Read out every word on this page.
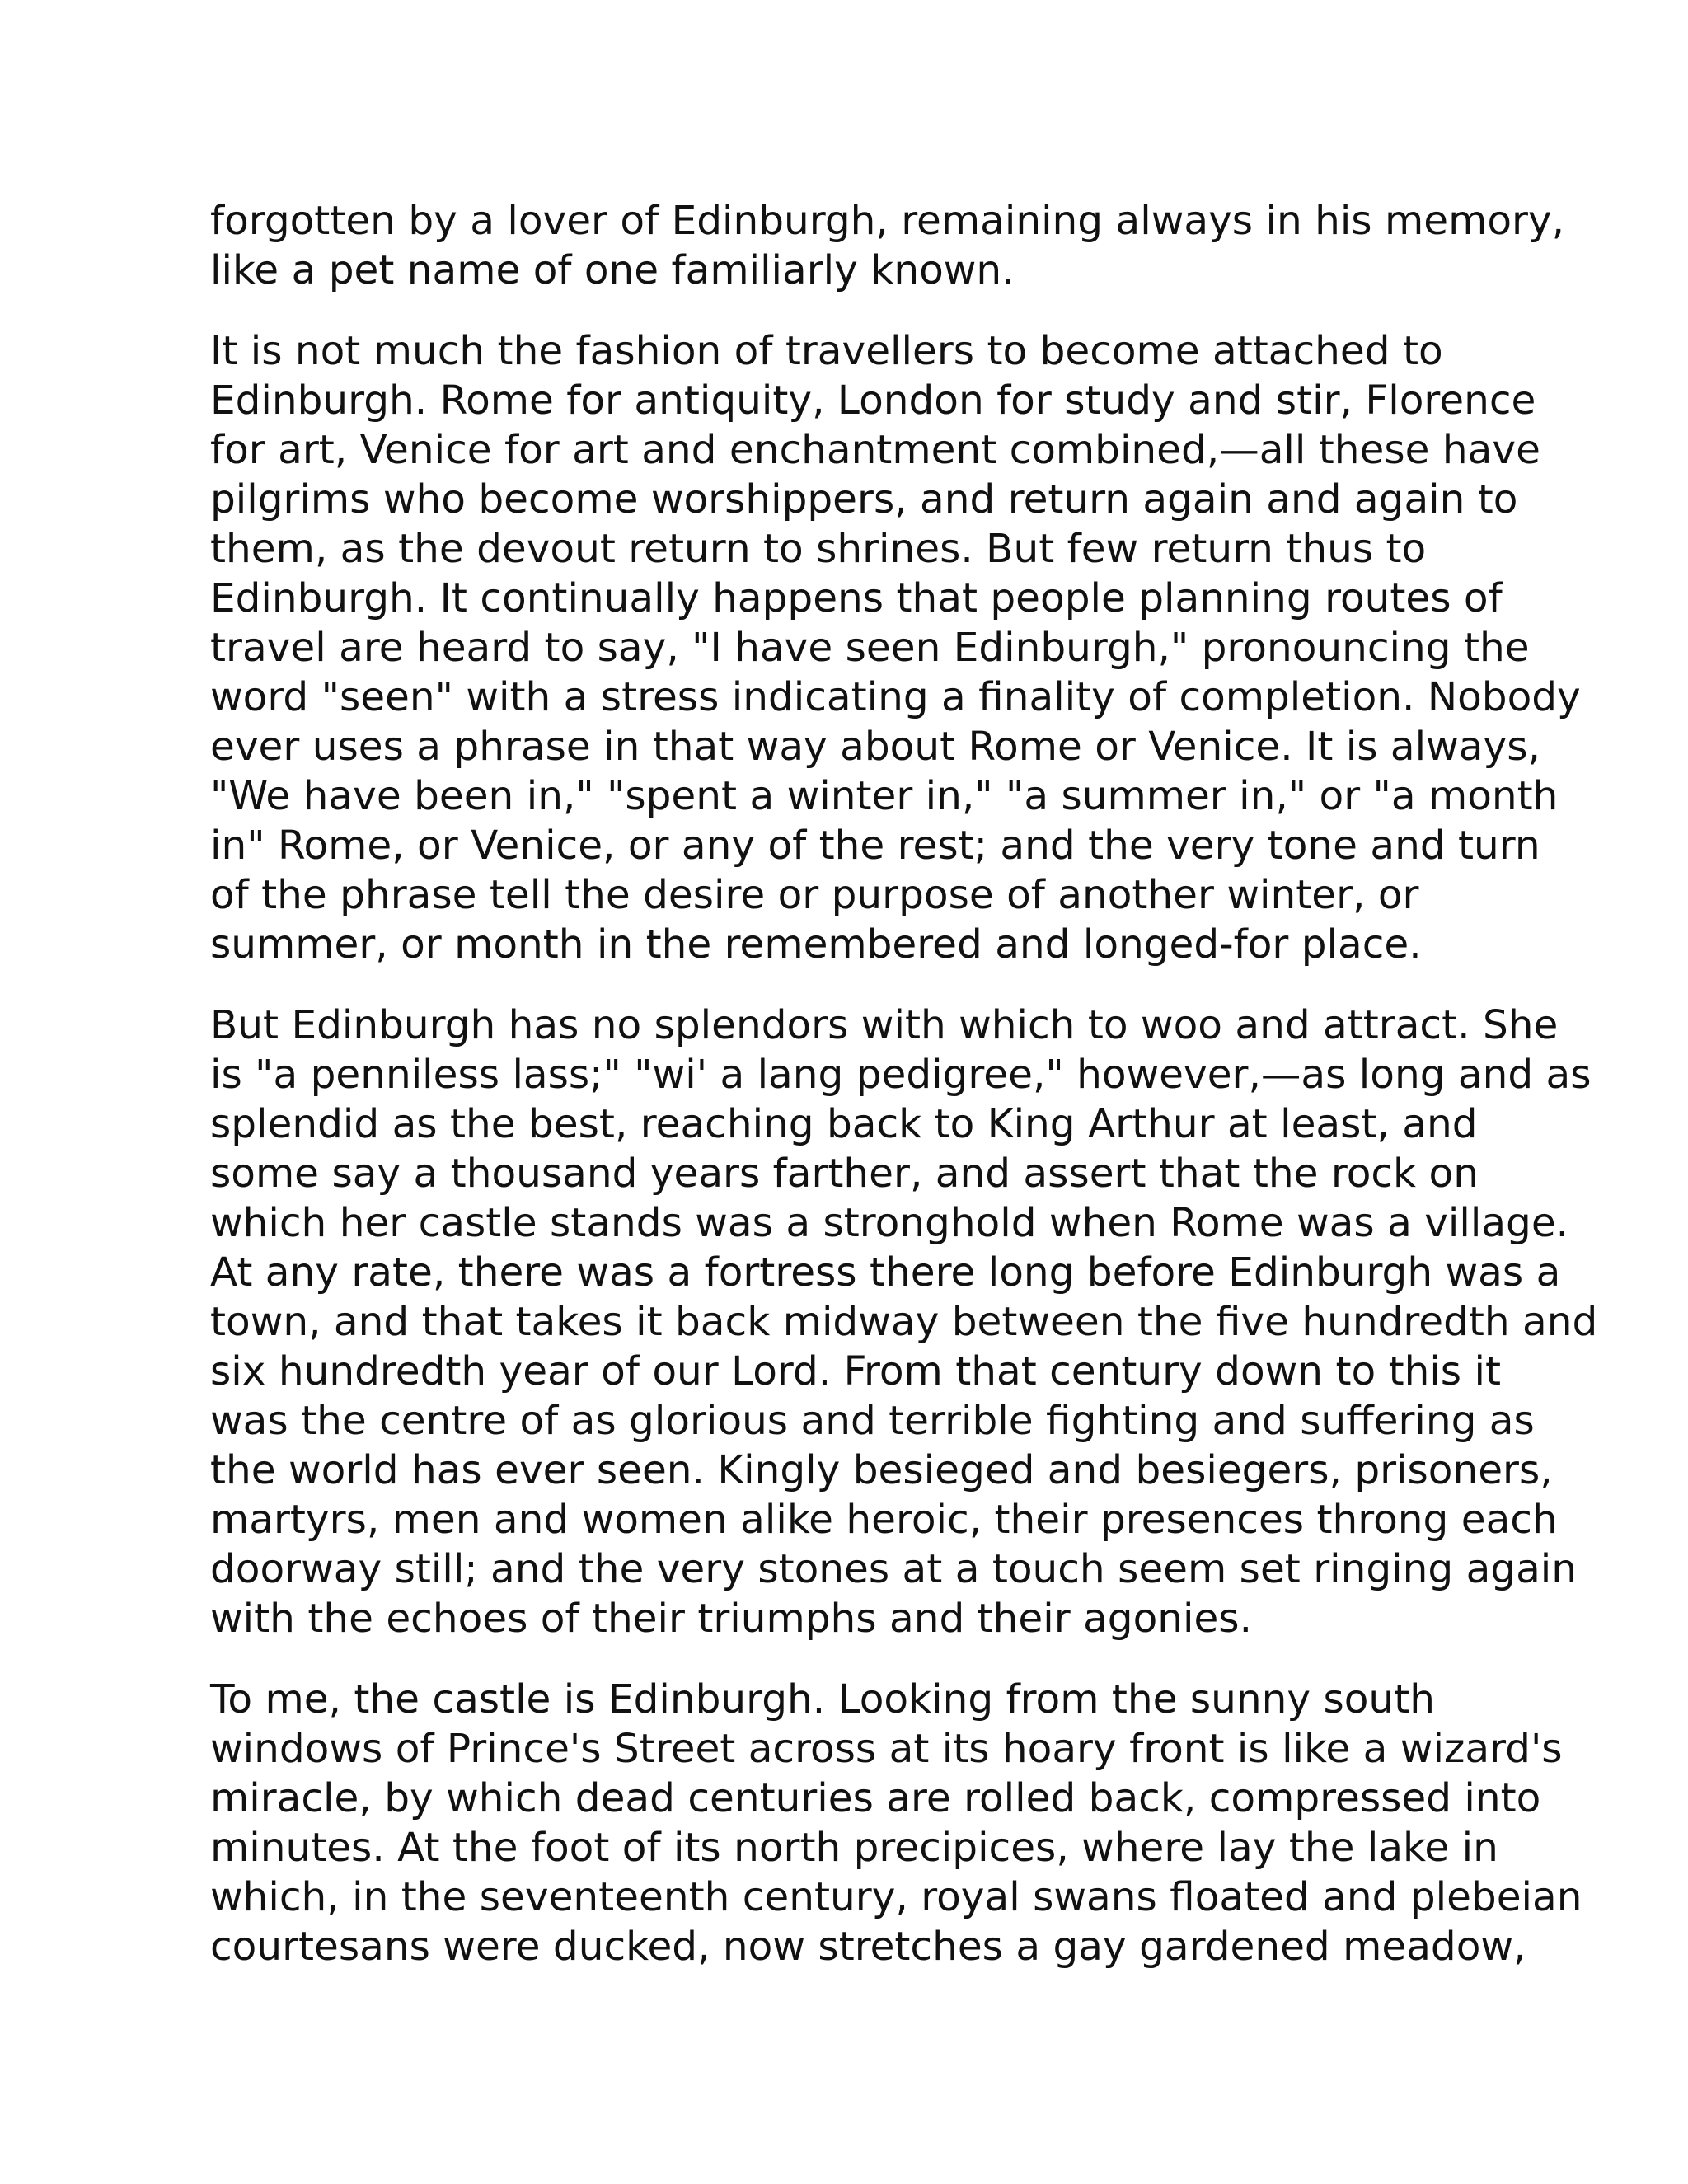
forgotten by a lover of Edinburgh, remaining always in his memory,
like a pet name of one familiarly known.

It is not much the fashion of travellers to become attached to
Edinburgh. Rome for antiquity, London for study and stir, Florence
for art, Venice for art and enchantment combined,—all these have
pilgrims who become worshippers, and return again and again to
them, as the devout return to shrines. But few return thus to
Edinburgh. It continually happens that people planning routes of
travel are heard to say, "I have seen Edinburgh," pronouncing the
word "seen" with a stress indicating a finality of completion. Nobody
ever uses a phrase in that way about Rome or Venice. It is always,
"We have been in," "spent a winter in," "a summer in," or "a month
in" Rome, or Venice, or any of the rest; and the very tone and turn
of the phrase tell the desire or purpose of another winter, or
summer, or month in the remembered and longed-for place.

But Edinburgh has no splendors with which to woo and attract. She
is "a penniless lass;" "wi' a lang pedigree," however,—as long and as
splendid as the best, reaching back to King Arthur at least, and
some say a thousand years farther, and assert that the rock on
which her castle stands was a stronghold when Rome was a village.
At any rate, there was a fortress there long before Edinburgh was a
town, and that takes it back midway between the five hundredth and
six hundredth year of our Lord. From that century down to this it
was the centre of as glorious and terrible fighting and suffering as
the world has ever seen. Kingly besieged and besiegers, prisoners,
martyrs, men and women alike heroic, their presences throng each
doorway still; and the very stones at a touch seem set ringing again
with the echoes of their triumphs and their agonies.

To me, the castle is Edinburgh. Looking from the sunny south
windows of Prince's Street across at its hoary front is like a wizard's
miracle, by which dead centuries are rolled back, compressed into
minutes. At the foot of its north precipices, where lay the lake in
which, in the seventeenth century, royal swans floated and plebeian
courtesans were ducked, now stretches a gay gardened meadow,
